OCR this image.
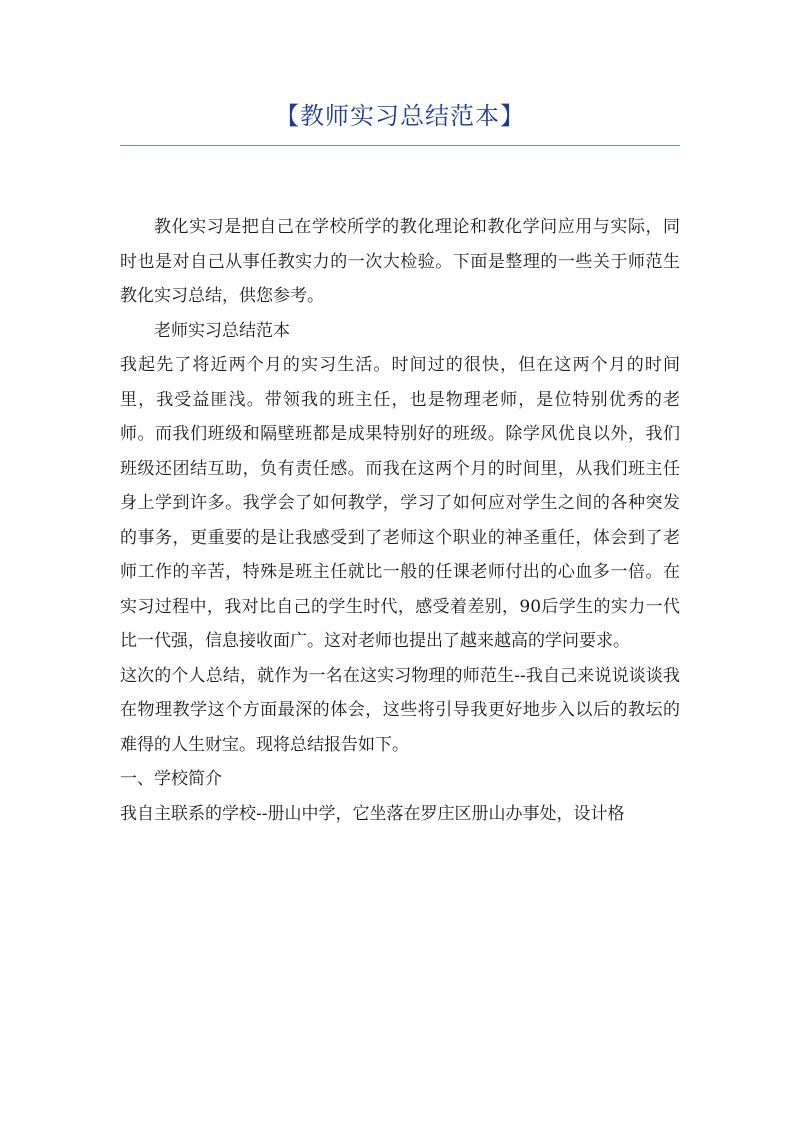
【教师实习总结范本】

教化实习是把自己在学校所学的教化理论和教化学问应用与实际，同时也是对自己从事任教实力的一次大检验。下面是整理的一些关于师范生教化实习总结，供您参考。

老师实习总结范本

我起先了将近两个月的实习生活。时间过的很快，但在这两个月的时间里，我受益匪浅。带领我的班主任，也是物理老师，是位特别优秀的老师。而我们班级和隔壁班都是成果特别好的班级。除学风优良以外，我们班级还团结互助，负有责任感。而我在这两个月的时间里，从我们班主任身上学到许多。我学会了如何教学，学习了如何应对学生之间的各种突发的事务，更重要的是让我感受到了老师这个职业的神圣重任，体会到了老师工作的辛苦，特殊是班主任就比一般的任课老师付出的心血多一倍。在实习过程中，我对比自己的学生时代，感受着差别，90后学生的实力一代比一代强，信息接收面广。这对老师也提出了越来越高的学问要求。

这次的个人总结，就作为一名在这实习物理的师范生--我自己来说说谈谈我在物理教学这个方面最深的体会，这些将引导我更好地步入以后的教坛的难得的人生财宝。现将总结报告如下。

一、学校简介

我自主联系的学校--册山中学，它坐落在罗庄区册山办事处，设计格
